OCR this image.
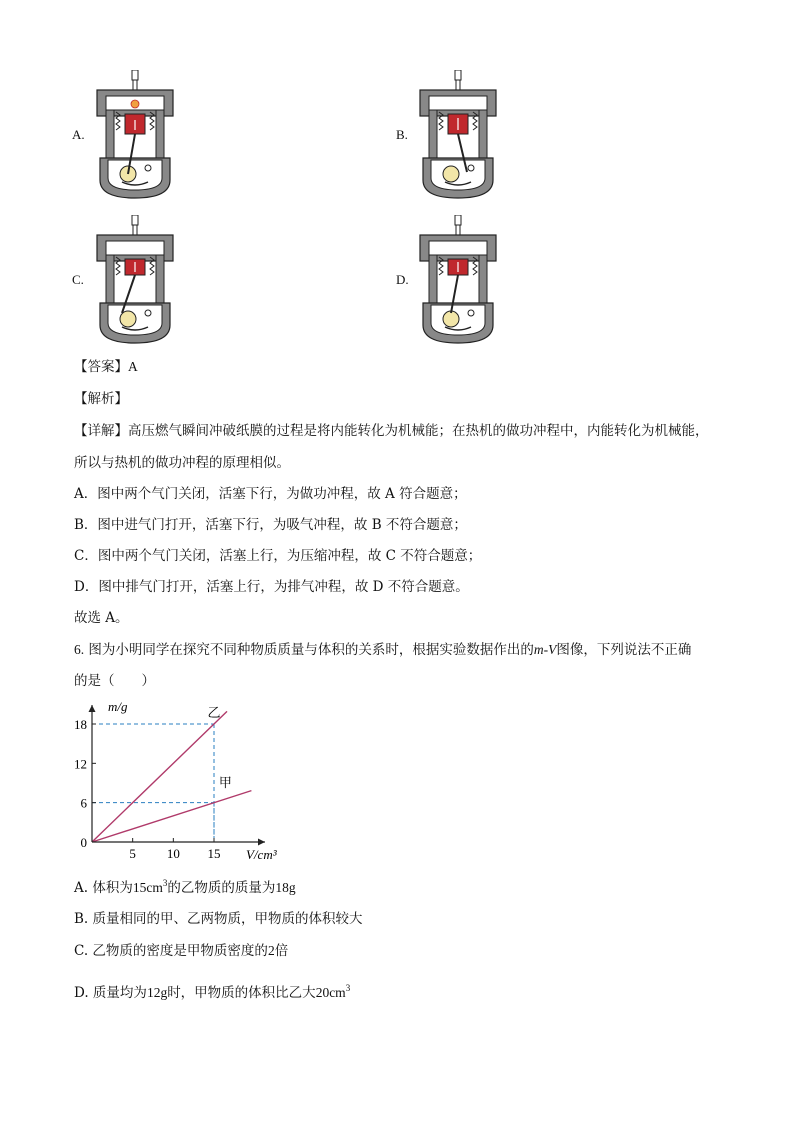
A.	B.
C.	D.
【答案】A
【解析】
【详解】高压燃气瞬间冲破纸膜的过程是将内能转化为机械能；在热机的做功冲程中，内能转化为机械能，
所以与热机的做功冲程的原理相似。
A．图中两个气门关闭，活塞下行，为做功冲程，故 A 符合题意；
B．图中进气门打开，活塞下行，为吸气冲程，故 B 不符合题意；
C．图中两个气门关闭，活塞上行，为压缩冲程，故 C 不符合题意；
D．图中排气门打开，活塞上行，为排气冲程，故 D 不符合题意。
故选 A。
6. 图为小明同学在探究不同种物质质量与体积的关系时，根据实验数据作出的m-V图像，下列说法不正确
的是（　　）
乙
甲
5 10 15
18
12
6
0
m/g
V/cm³
A. 体积为$15cm^3$的乙物质的质量为18g
B. 质量相同的甲、乙两物质，甲物质的体积较大
C. 乙物质的密度是甲物质密度的2倍
D. 质量均为12g时，甲物质的体积比乙大$20cm^3$
